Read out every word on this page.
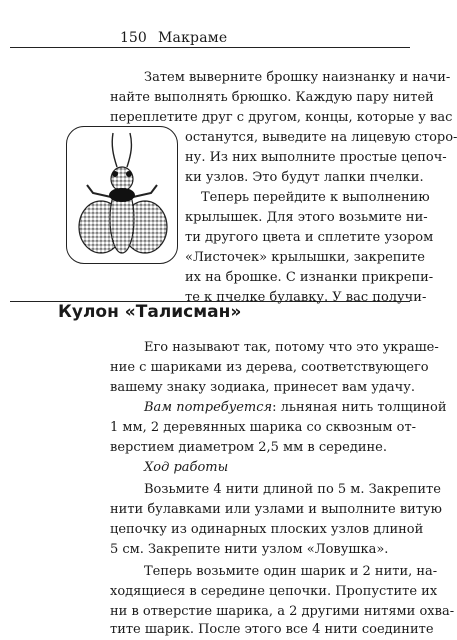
150 Макраме

Затем выверните брошку наизнанку и начи-

найте выполнять брюшко. Каждую пару нитей

переплетите друг с другом, концы, которые у вас

останутся, выведите на лицевую сторо-

ну. Из них выполните простые цепоч-

ки узлов. Это будут лапки пчелки.

Теперь перейдите к выполнению

крылышек. Для этого возьмите ни-

ти другого цвета и сплетите узором

«Листочек» крылышки, закрепите

их на брошке. С изнанки прикрепи-

те к пчелке булавку. У вас получи-

Кулон «Талисман»

Его называют так, потому что это украше-

ние с шариками из дерева, соответствующего

вашему знаку зодиака, принесет вам удачу.

Вам потребуется: льняная нить толщиной

1 мм, 2 деревянных шарика со сквозным от-

верстием диаметром 2,5 мм в середине.

Ход работы

Возьмите 4 нити длиной по 5 м. Закрепите

нити булавками или узлами и выполните витую

цепочку из одинарных плоских узлов длиной

5 см. Закрепите нити узлом «Ловушка».

Теперь возьмите один шарик и 2 нити, на-

ходящиеся в середине цепочки. Пропустите их

ни в отверстие шарика, а 2 другими нитями охва-

тите шарик. После этого все 4 нити соедините
